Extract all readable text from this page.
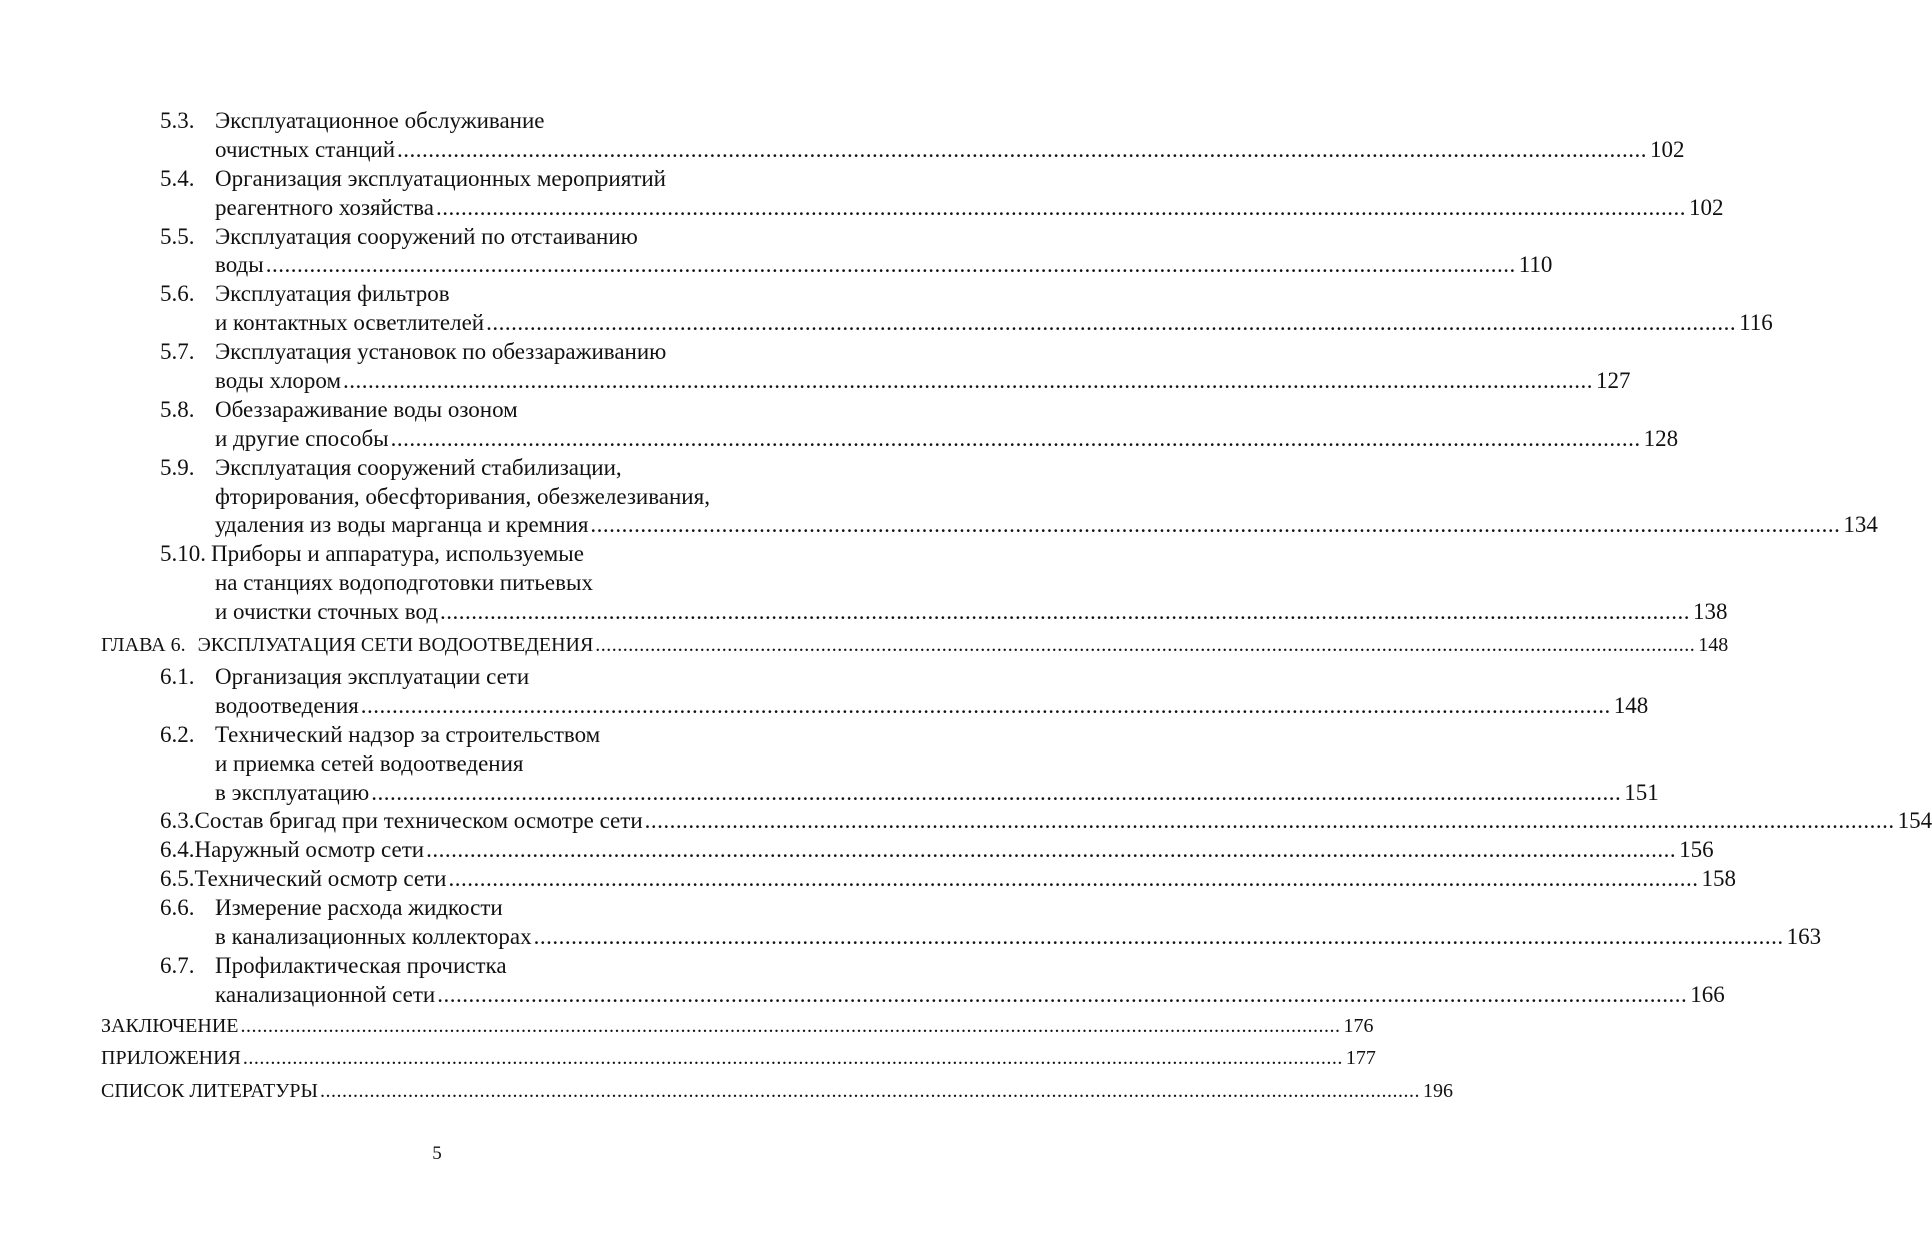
5.3. Эксплуатационное обслуживание
очистных станций ........................................................................................................................................................................................................ 102
5.4. Организация эксплуатационных мероприятий
реагентного хозяйства ........................................................................................................................................................................................................ 102
5.5. Эксплуатация сооружений по отстаиванию
воды ........................................................................................................................................................................................................ 110
5.6. Эксплуатация фильтров
и контактных осветлителей ........................................................................................................................................................................................................ 116
5.7. Эксплуатация установок по обеззараживанию
воды хлором ........................................................................................................................................................................................................ 127
5.8. Обеззараживание воды озоном
и другие способы ........................................................................................................................................................................................................ 128
5.9. Эксплуатация сооружений стабилизации,
фторирования, обесфторивания, обезжелезивания,
удаления из воды марганца и кремния ........................................................................................................................................................................................................ 134
5.10. Приборы и аппаратура, используемые
на станциях водоподготовки питьевых
и очистки сточных вод ........................................................................................................................................................................................................ 138
ГЛАВА 6. ЭКСПЛУАТАЦИЯ СЕТИ ВОДООТВЕДЕНИЯ ........................................................................................................................................................................................................ 148
6.1. Организация эксплуатации сети
водоотведения ........................................................................................................................................................................................................ 148
6.2. Технический надзор за строительством
и приемка сетей водоотведения
в эксплуатацию ........................................................................................................................................................................................................ 151
6.3. Состав бригад при техническом осмотре сети ........................................................................................................................................................................................................ 154
6.4. Наружный осмотр сети ........................................................................................................................................................................................................ 156
6.5. Технический осмотр сети ........................................................................................................................................................................................................ 158
6.6. Измерение расхода жидкости
в канализационных коллекторах ........................................................................................................................................................................................................ 163
6.7. Профилактическая прочистка
канализационной сети ........................................................................................................................................................................................................ 166
ЗАКЛЮЧЕНИЕ ........................................................................................................................................................................................................ 176
ПРИЛОЖЕНИЯ ........................................................................................................................................................................................................ 177
СПИСОК ЛИТЕРАТУРЫ ........................................................................................................................................................................................................ 196
5
